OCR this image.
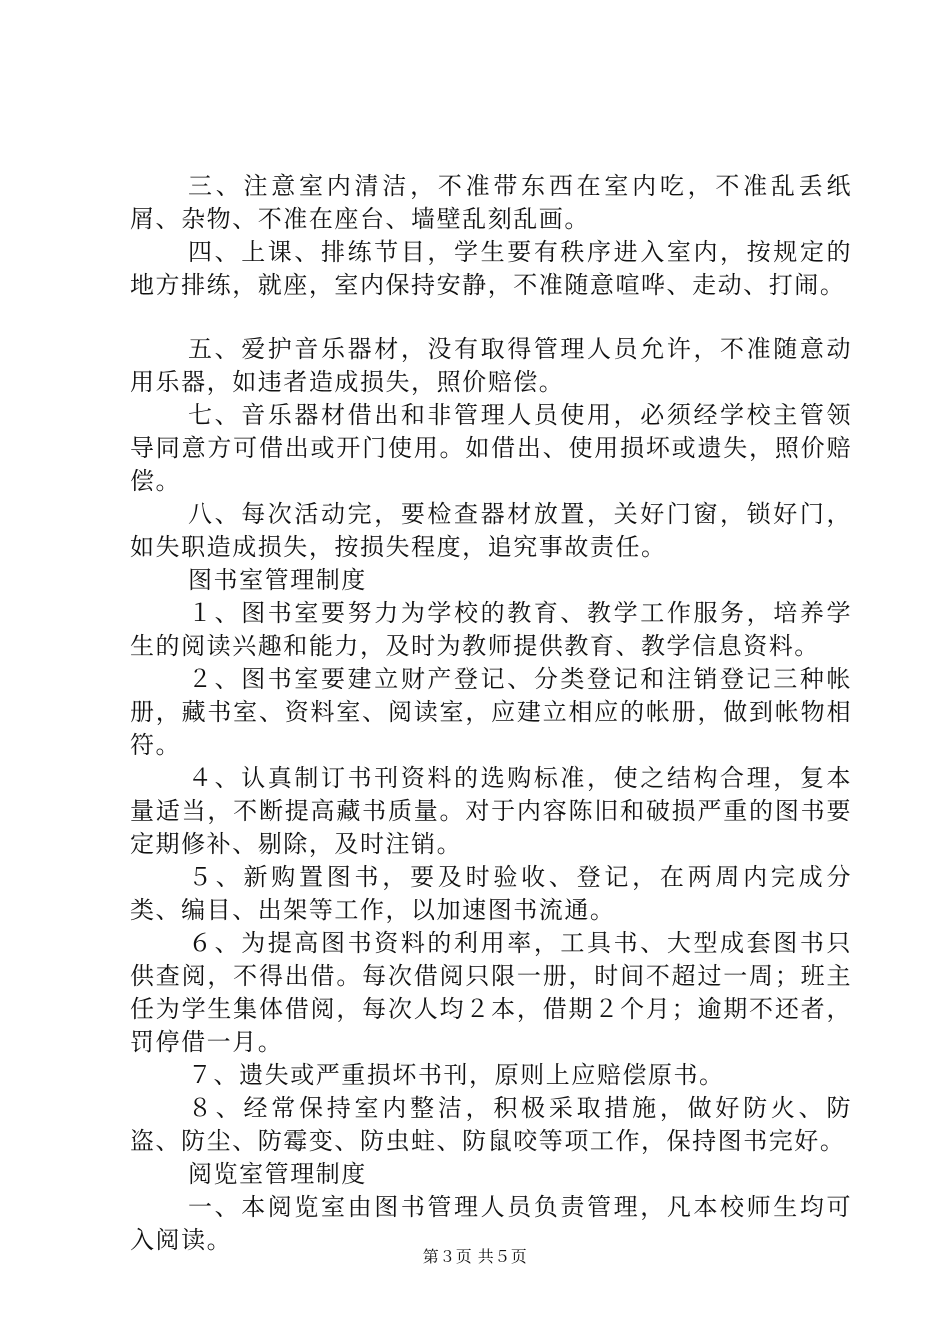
三、注意室内清洁，不准带东西在室内吃，不准乱丢纸屑、杂物、不准在座台、墙壁乱刻乱画。

四、上课、排练节目，学生要有秩序进入室内，按规定的地方排练，就座，室内保持安静，不准随意喧哗、走动、打闹。

五、爱护音乐器材，没有取得管理人员允许，不准随意动用乐器，如违者造成损失，照价赔偿。

七、音乐器材借出和非管理人员使用，必须经学校主管领导同意方可借出或开门使用。如借出、使用损坏或遗失，照价赔偿。

八、每次活动完，要检查器材放置，关好门窗，锁好门，如失职造成损失，按损失程度，追究事故责任。

图书室管理制度

１、图书室要努力为学校的教育、教学工作服务，培养学生的阅读兴趣和能力，及时为教师提供教育、教学信息资料。

２、图书室要建立财产登记、分类登记和注销登记三种帐册，藏书室、资料室、阅读室，应建立相应的帐册，做到帐物相符。

４、认真制订书刊资料的选购标准，使之结构合理，复本量适当，不断提高藏书质量。对于内容陈旧和破损严重的图书要定期修补、剔除，及时注销。

５、新购置图书，要及时验收、登记，在两周内完成分类、编目、出架等工作，以加速图书流通。

６、为提高图书资料的利用率，工具书、大型成套图书只供查阅，不得出借。每次借阅只限一册，时间不超过一周；班主任为学生集体借阅，每次人均２本，借期２个月；逾期不还者，罚停借一月。

７、遗失或严重损坏书刊，原则上应赔偿原书。

８、经常保持室内整洁，积极采取措施，做好防火、防盗、防尘、防霉变、防虫蛀、防鼠咬等项工作，保持图书完好。

阅览室管理制度

一、本阅览室由图书管理人员负责管理，凡本校师生均可入阅读。

第３页 共５页
